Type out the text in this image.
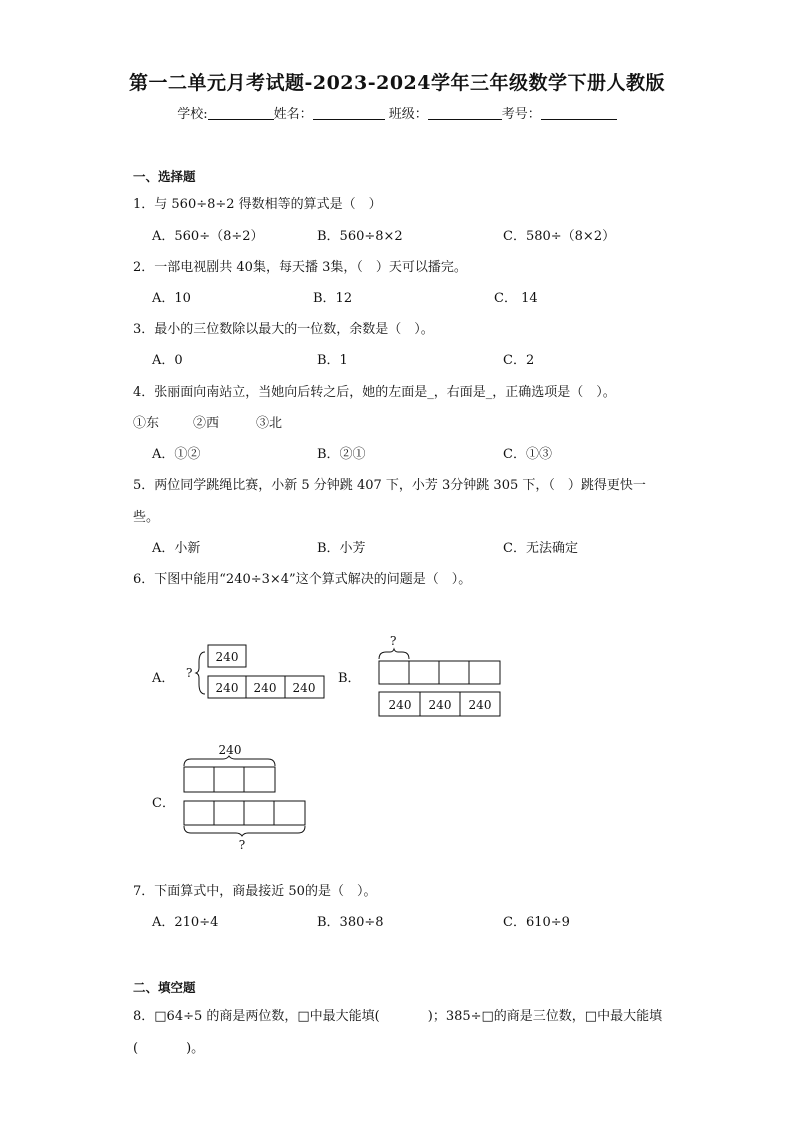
第一二单元月考试题-2023-2024学年三年级数学下册人教版
学校:	姓名：	班级：	考号：
一、选择题
1．与 560÷8÷2 得数相等的算式是（　）
A．560÷（8÷2）	B．560÷8×2	C．580÷（8×2）
2．一部电视剧共 40集，每天播 3集，（　）天可以播完。
A．10	B．12	C． 14
3．最小的三位数除以最大的一位数，余数是（　）。
A．0	B．1	C．2
4．张丽面向南站立，当她向后转之后，她的左面是_，右面是_，正确选项是（　）。
①东	②西	③北
A．①②	B．②①	C．①③
5．两位同学跳绳比赛，小新 5 分钟跳 407 下，小芳 3分钟跳 305 下，（　）跳得更快一
些。
A．小新	B．小芳	C．无法确定
6．下图中能用“240÷3×4”这个算式解决的问题是（　）。
A． ?
240
240 240 240
B．
?
240 240 240
C．
240
?
7．下面算式中，商最接近 50的是（　）。
A．210÷4	B．380÷8	C．610÷9
二、填空题
8．□64÷5 的商是两位数，□中最大能填(	)；385÷□的商是三位数，□中最大能填
(	)。
